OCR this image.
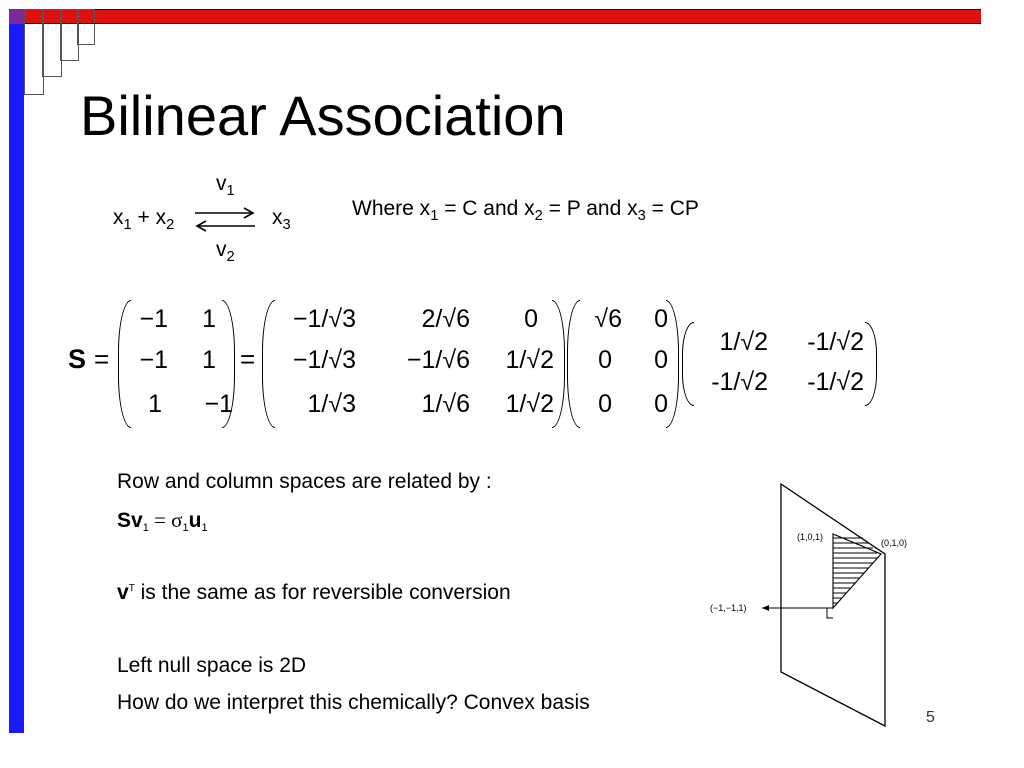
Bilinear Association
$x_1 + x_2$
$v_1$
$v_2$
$x_3$
Where $x_1 = C$ and $x_2 = P$ and $x_3$ = CP
S =
−1	1
−1	1
1	−1
=
−1/√3	2/√6	0
−1/√3	−1/√6	1/√2
1/√3	1/√6	1/√2
√6	0
0	0
0	0
1/√2	-1/√2
-1/√2	-1/√2
Row and column spaces are related by :
$Sv_1 = \sigma_1u_1$
$v^T$ is the same as for reversible conversion
Left null space is 2D
How do we interpret this chemically? Convex basis
(1,0,1)
(0,1,0)
(−1,−1,1)
5
